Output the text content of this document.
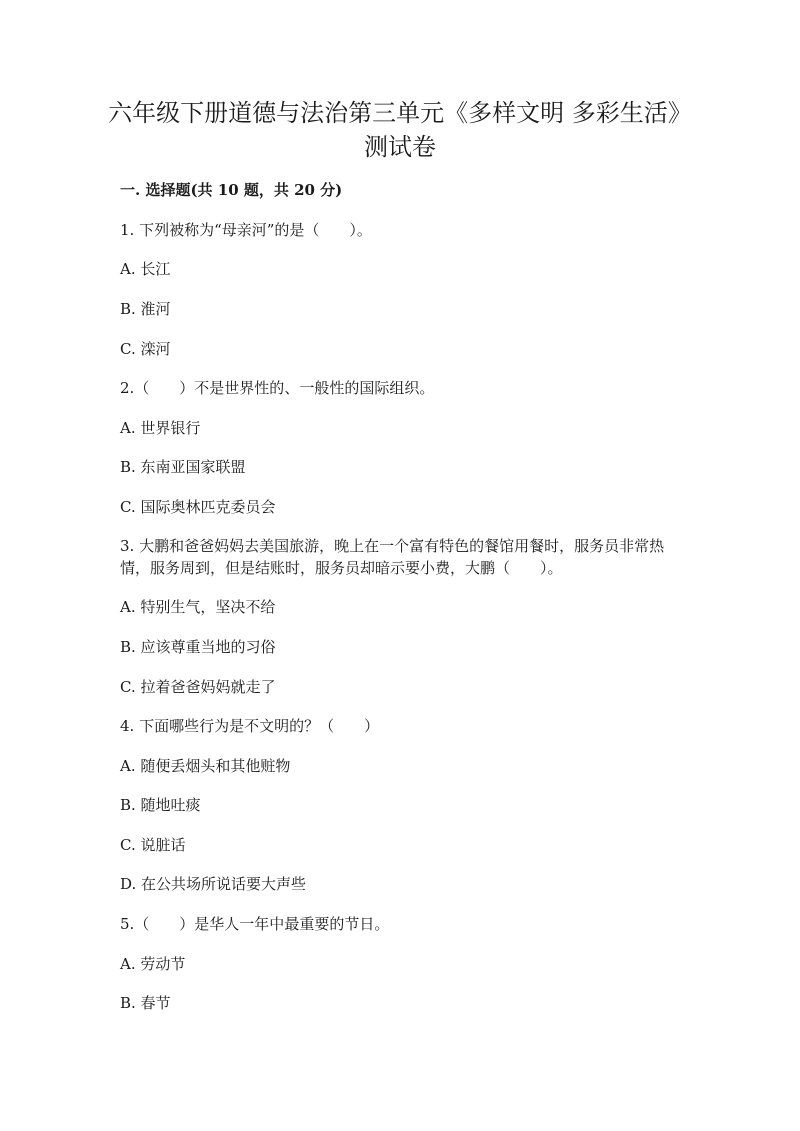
六年级下册道德与法治第三单元《多样文明 多彩生活》测试卷

一. 选择题(共 10 题，共 20 分)

1. 下列被称为“母亲河”的是（　　）。

A. 长江

B. 淮河

C. 滦河

2.（　　）不是世界性的、一般性的国际组织。

A. 世界银行

B. 东南亚国家联盟

C. 国际奥林匹克委员会

3. 大鹏和爸爸妈妈去美国旅游，晚上在一个富有特色的餐馆用餐时，服务员非常热情，服务周到，但是结账时，服务员却暗示要小费，大鹏（　　）。

A. 特别生气，坚决不给

B. 应该尊重当地的习俗

C. 拉着爸爸妈妈就走了

4. 下面哪些行为是不文明的？（　　）

A. 随便丢烟头和其他赃物

B. 随地吐痰

C. 说脏话

D. 在公共场所说话要大声些

5.（　　）是华人一年中最重要的节日。

A. 劳动节

B. 春节
